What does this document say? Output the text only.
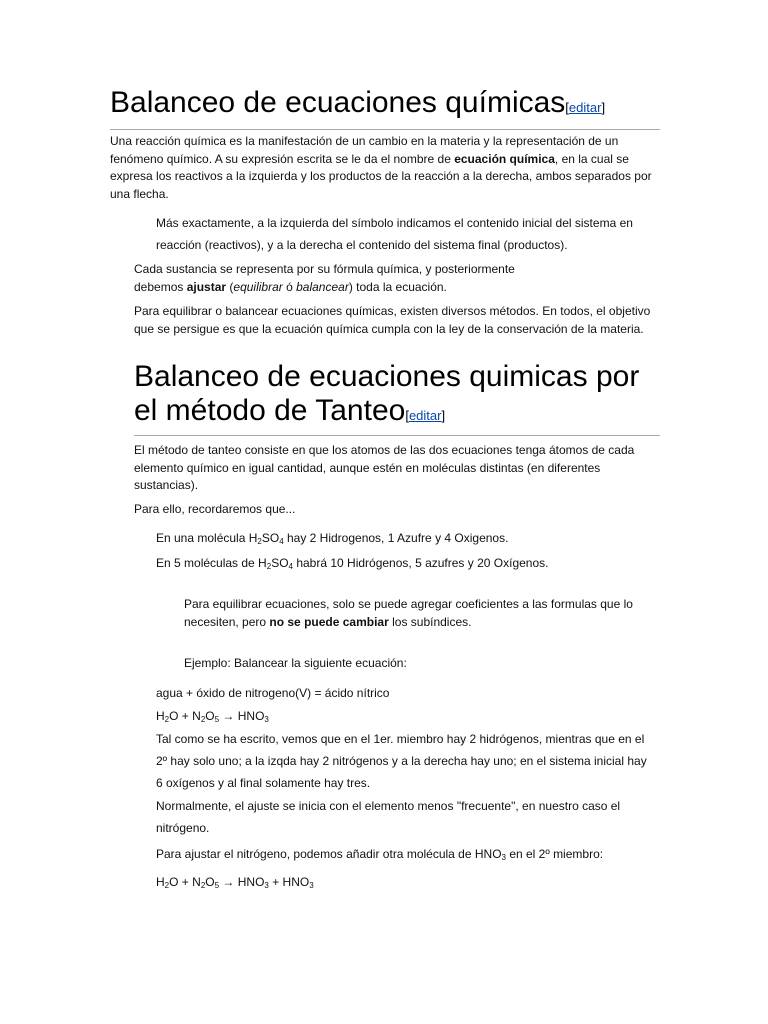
Balanceo de ecuaciones químicas[editar]

Una reacción química es la manifestación de un cambio en la materia y la representación de un fenómeno químico. A su expresión escrita se le da el nombre de ecuación química, en la cual se expresa los reactivos a la izquierda y los productos de la reacción a la derecha, ambos separados por una flecha.

Más exactamente, a la izquierda del símbolo indicamos el contenido inicial del sistema en reacción (reactivos), y a la derecha el contenido del sistema final (productos).

Cada sustancia se representa por su fórmula química, y posteriormente debemos ajustar (equilibrar ó balancear) toda la ecuación.

Para equilibrar o balancear ecuaciones químicas, existen diversos métodos. En todos, el objetivo que se persigue es que la ecuación química cumpla con la ley de la conservación de la materia.

Balanceo de ecuaciones quimicas por el método de Tanteo[editar]

El método de tanteo consiste en que los atomos de las dos ecuaciones tenga átomos de cada elemento químico en igual cantidad, aunque estén en moléculas distintas (en diferentes sustancias).

Para ello, recordaremos que...

En una molécula $H_2SO_4$ hay 2 Hidrogenos, 1 Azufre y 4 Oxigenos.

En 5 moléculas de $H_2SO_4$ habrá 10 Hidrógenos, 5 azufres y 20 Oxígenos.

Para equilibrar ecuaciones, solo se puede agregar coeficientes a las formulas que lo necesiten, pero no se puede cambiar los subíndices.

Ejemplo: Balancear la siguiente ecuación:

agua + óxido de nitrogeno(V) = ácido nítrico

$H_2O + N_2O_5 \to HNO_3$

Tal como se ha escrito, vemos que en el 1er. miembro hay 2 hidrógenos, mientras que en el 2º hay solo uno; a la izqda hay 2 nitrógenos y a la derecha hay uno; en el sistema inicial hay 6 oxígenos y al final solamente hay tres.

Normalmente, el ajuste se inicia con el elemento menos "frecuente", en nuestro caso el nitrógeno.

Para ajustar el nitrógeno, podemos añadir otra molécula de $HNO_3$ en el 2º miembro:

$H_2O + N_2O_5 \to HNO_3 + HNO_3$
